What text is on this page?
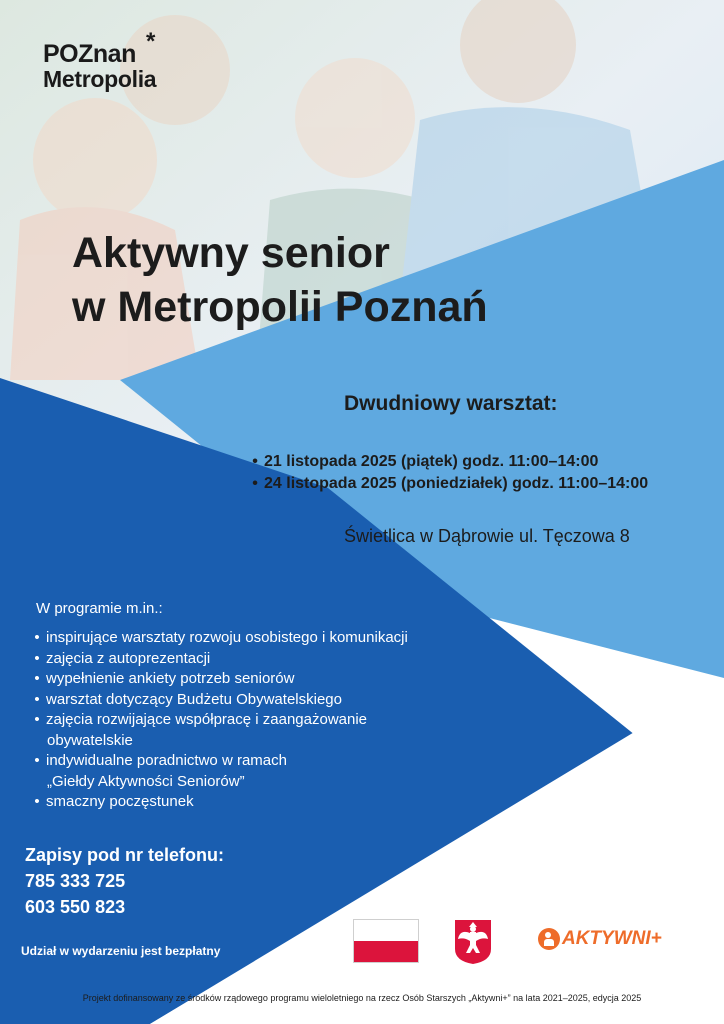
POZnan *
Metropolia
Aktywny senior
w Metropolii Poznań
Dwudniowy warsztat:
• 21 listopada 2025 (piątek) godz. 11:00–14:00
• 24 listopada 2025 (poniedziałek) godz. 11:00–14:00
Świetlica w Dąbrowie ul. Tęczowa 8
W programie m.in.:
• inspirujące warsztaty rozwoju osobistego i komunikacji
• zajęcia z autoprezentacji
• wypełnienie ankiety potrzeb seniorów
• warsztat dotyczący Budżetu Obywatelskiego
• zajęcia rozwijające współpracę i zaangażowanie
obywatelskie
• indywidualne poradnictwo w ramach
„Giełdy Aktywności Seniorów”
• smaczny poczęstunek
Zapisy pod nr telefonu:
785 333 725
603 550 823
Udział w wydarzeniu jest bezpłatny
AKTYWNI+
Projekt dofinansowany ze środków rządowego programu wieloletniego na rzecz Osób Starszych „Aktywni+” na lata 2021–2025, edycja 2025
